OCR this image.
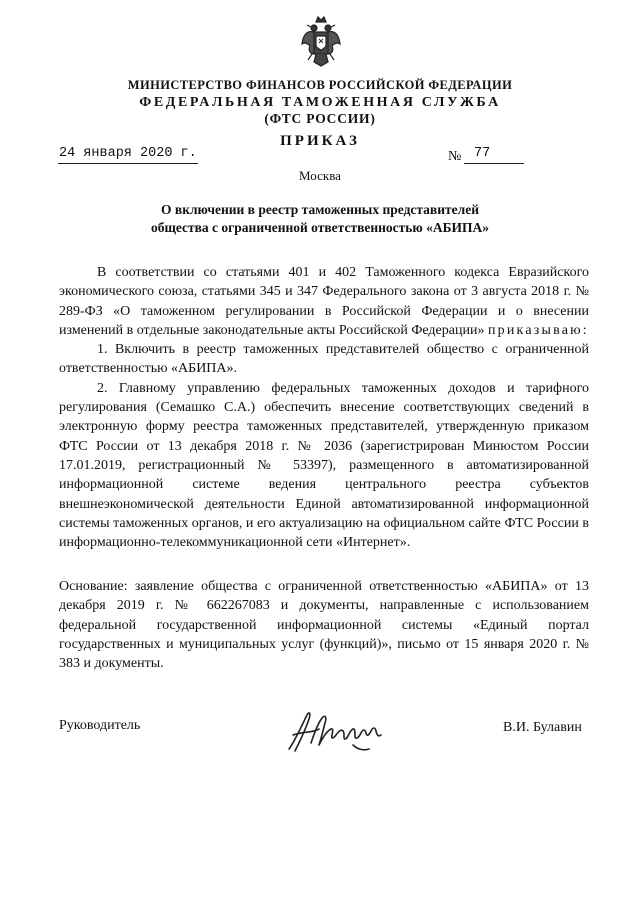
МИНИСТЕРСТВО ФИНАНСОВ РОССИЙСКОЙ ФЕДЕРАЦИИ
ФЕДЕРАЛЬНАЯ ТАМОЖЕННАЯ СЛУЖБА
(ФТС РОССИИ)
ПРИКАЗ
24 января 2020 г.	№ 77
Москва
О включении в реестр таможенных представителей
общества с ограниченной ответственностью «АБИПА»

В соответствии со статьями 401 и 402 Таможенного кодекса Евразийского экономического союза, статьями 345 и 347 Федерального закона от 3 августа 2018 г. № 289-ФЗ «О таможенном регулировании в Российской Федерации и о внесении изменений в отдельные законодательные акты Российской Федерации» приказываю:

1. Включить в реестр таможенных представителей общество с ограниченной ответственностью «АБИПА».

2. Главному управлению федеральных таможенных доходов и тарифного регулирования (Семашко С.А.) обеспечить внесение соответствующих сведений в электронную форму реестра таможенных представителей, утвержденную приказом ФТС России от 13 декабря 2018 г. № 2036 (зарегистрирован Минюстом России 17.01.2019, регистрационный № 53397), размещенного в автоматизированной информационной системе ведения центрального реестра субъектов внешнеэкономической деятельности Единой автоматизированной информационной системы таможенных органов, и его актуализацию на официальном сайте ФТС России в информационно-телекоммуникационной сети «Интернет».

Основание: заявление общества с ограниченной ответственностью «АБИПА» от 13 декабря 2019 г. № 662267083 и документы, направленные с использованием федеральной государственной информационной системы «Единый портал государственных и муниципальных услуг (функций)», письмо от 15 января 2020 г. № 383 и документы.
Руководитель	В.И. Булавин
